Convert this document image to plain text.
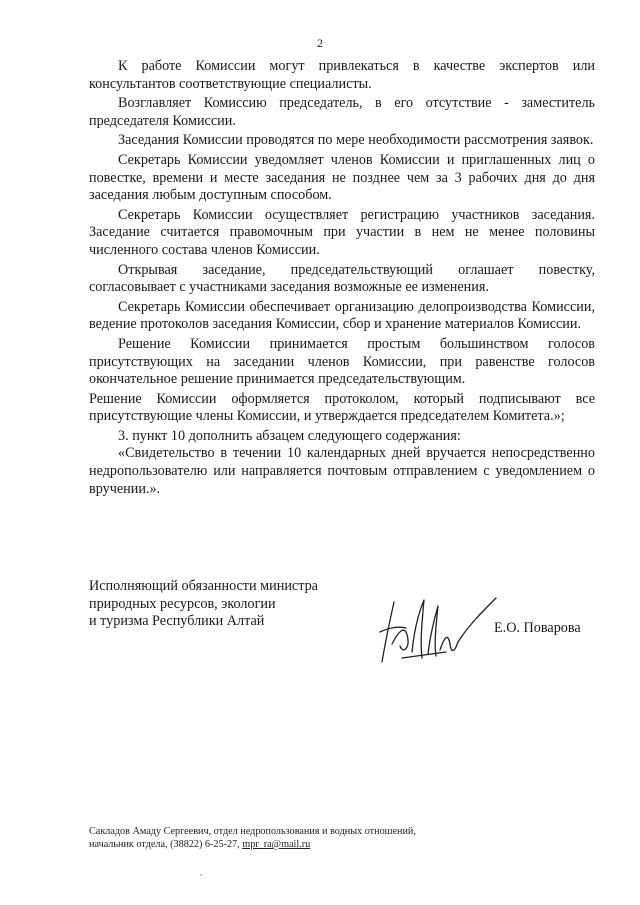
2

К работе Комиссии могут привлекаться в качестве экспертов или консультантов соответствующие специалисты.

Возглавляет Комиссию председатель, в его отсутствие - заместитель председателя Комиссии.

Заседания Комиссии проводятся по мере необходимости рассмотрения заявок.

Секретарь Комиссии уведомляет членов Комиссии и приглашенных лиц о повестке, времени и месте заседания не позднее чем за 3 рабочих дня до дня заседания любым доступным способом.

Секретарь Комиссии осуществляет регистрацию участников заседания. Заседание считается правомочным при участии в нем не менее половины численного состава членов Комиссии.

Открывая заседание, председательствующий оглашает повестку, согласовывает с участниками заседания возможные ее изменения.

Секретарь Комиссии обеспечивает организацию делопроизводства Комиссии, ведение протоколов заседания Комиссии, сбор и хранение материалов Комиссии.

Решение Комиссии принимается простым большинством голосов присутствующих на заседании членов Комиссии, при равенстве голосов окончательное решение принимается председательствующим.

Решение Комиссии оформляется протоколом, который подписывают все присутствующие члены Комиссии, и утверждается председателем Комитета.»;

3. пункт 10 дополнить абзацем следующего содержания:

«Свидетельство в течении 10 календарных дней вручается непосредственно недропользователю или направляется почтовым отправлением с уведомлением о вручении.».

Исполняющий обязанности министра
природных ресурсов, экологии
и туризма Республики Алтай	Е.О. Поварова
Сакладов Амаду Сергеевич, отдел недропользования и водных отношений,
начальник отдела, (38822) 6-25-27, mpr_ra@mail.ru
,
